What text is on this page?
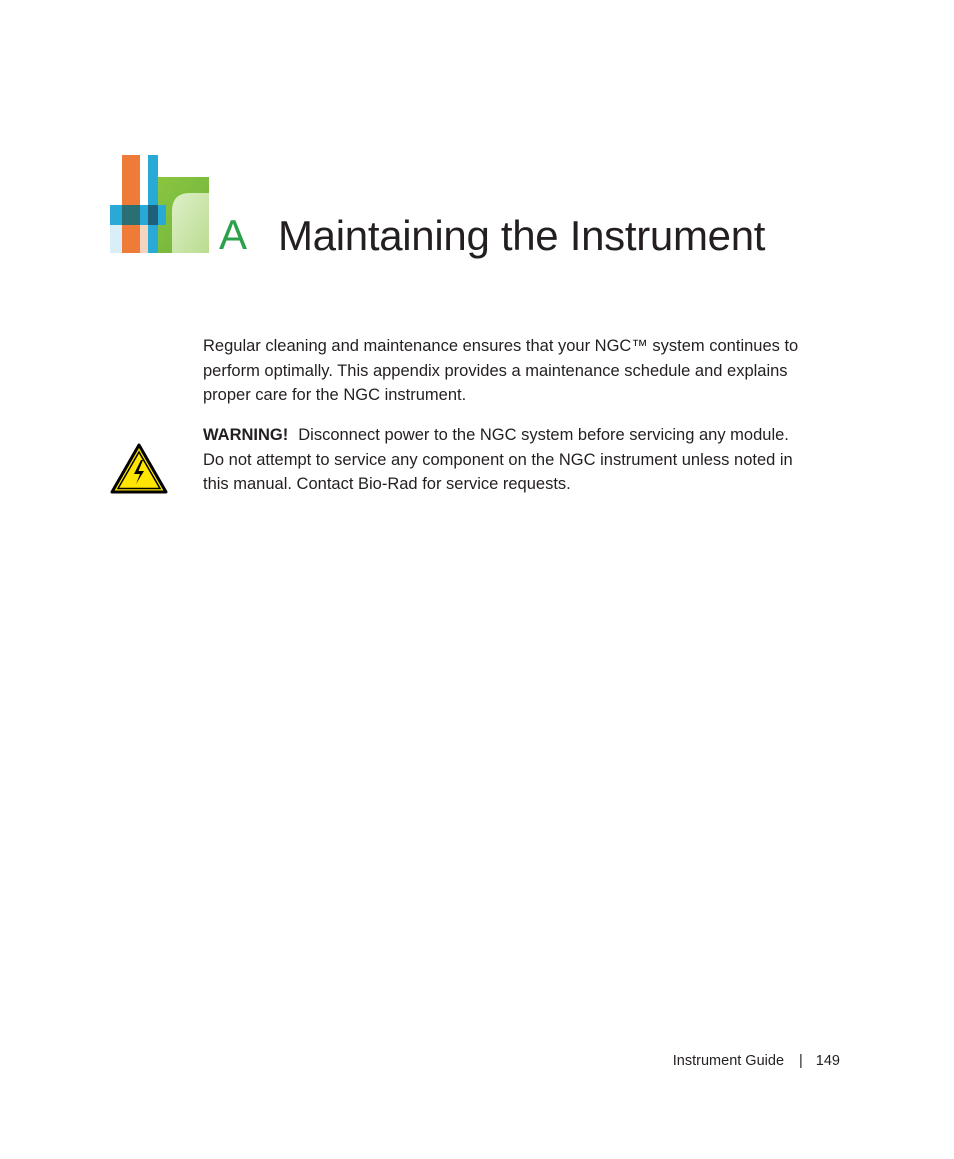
A Maintaining the Instrument

Regular cleaning and maintenance ensures that your NGC™ system continues to perform optimally. This appendix provides a maintenance schedule and explains proper care for the NGC instrument.

WARNING! Disconnect power to the NGC system before servicing any module. Do not attempt to service any component on the NGC instrument unless noted in this manual. Contact Bio-Rad for service requests.

Instrument Guide | 149
